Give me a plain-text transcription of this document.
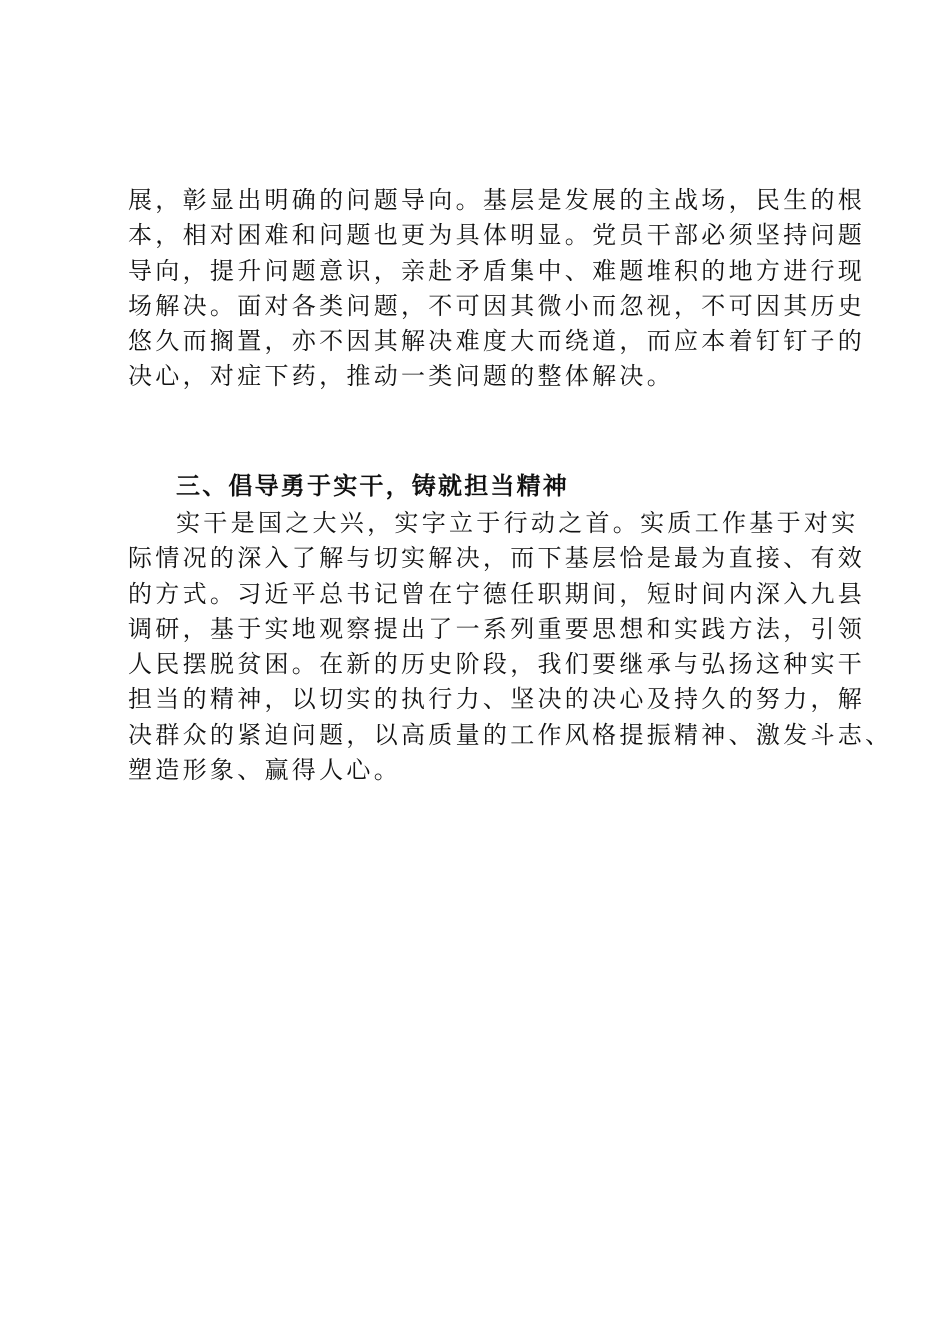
展，彰显出明确的问题导向。基层是发展的主战场，民生的根
本，相对困难和问题也更为具体明显。党员干部必须坚持问题
导向，提升问题意识，亲赴矛盾集中、难题堆积的地方进行现
场解决。面对各类问题，不可因其微小而忽视，不可因其历史
悠久而搁置，亦不因其解决难度大而绕道，而应本着钉钉子的
决心，对症下药，推动一类问题的整体解决。
三、倡导勇于实干，铸就担当精神
实干是国之大兴，实字立于行动之首。实质工作基于对实
际情况的深入了解与切实解决，而下基层恰是最为直接、有效
的方式。习近平总书记曾在宁德任职期间，短时间内深入九县
调研，基于实地观察提出了一系列重要思想和实践方法，引领
人民摆脱贫困。在新的历史阶段，我们要继承与弘扬这种实干
担当的精神，以切实的执行力、坚决的决心及持久的努力，解
决群众的紧迫问题，以高质量的工作风格提振精神、激发斗志、
塑造形象、赢得人心。
